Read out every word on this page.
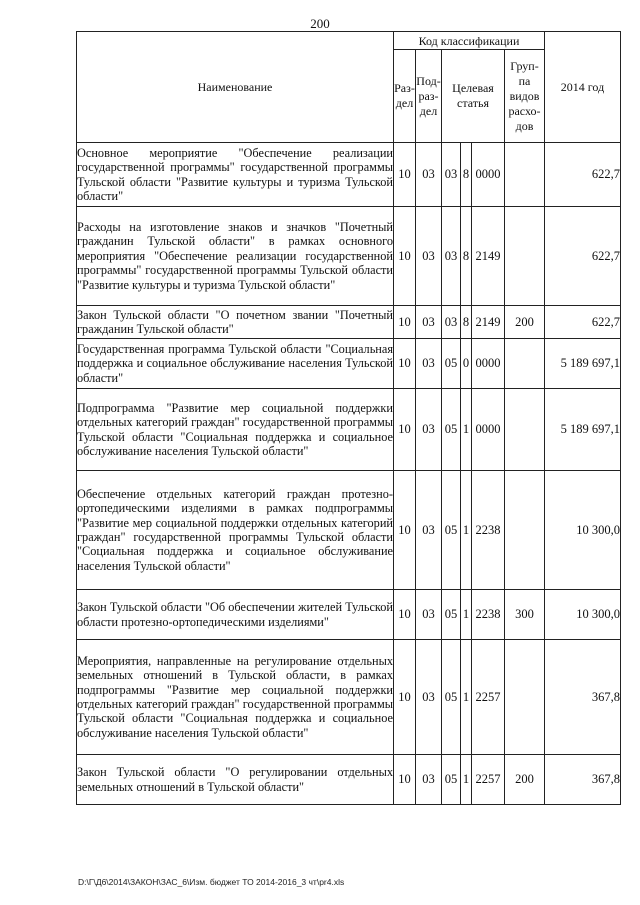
200
Наименование	Код классификации						2014 год
	Раз-дел	Под-раз-дел	Целевая статья			Груп-па видов расхо-дов	
Основное мероприятие "Обеспечение реализации государственной программы" государственной программы Тульской области "Развитие культуры и туризма Тульской области"	10	03	03	8	0000		622,7
Расходы на изготовление знаков и значков "Почетный гражданин Тульской области" в рамках основного мероприятия "Обеспечение реализации государственной программы" государственной программы Тульской области "Развитие культуры и туризма Тульской области"	10	03	03	8	2149		622,7
Закон Тульской области "О почетном звании "Почетный гражданин Тульской области"	10	03	03	8	2149	200	622,7
Государственная программа Тульской области "Социальная поддержка и социальное обслуживание населения Тульской области"	10	03	05	0	0000		5 189 697,1
Подпрограмма "Развитие мер социальной поддержки отдельных категорий граждан" государственной программы Тульской области "Социальная поддержка и социальное обслуживание населения Тульской области"	10	03	05	1	0000		5 189 697,1
Обеспечение отдельных категорий граждан протезно-ортопедическими изделиями в рамках подпрограммы "Развитие мер социальной поддержки отдельных категорий граждан" государственной программы Тульской области "Социальная поддержка и социальное обслуживание населения Тульской области"	10	03	05	1	2238		10 300,0
Закон Тульской области "Об обеспечении жителей Тульской области протезно-ортопедическими изделиями"	10	03	05	1	2238	300	10 300,0
Мероприятия, направленные на регулирование отдельных земельных отношений в Тульской области, в рамках подпрограммы "Развитие мер социальной поддержки отдельных категорий граждан" государственной программы Тульской области "Социальная поддержка и социальное обслуживание населения Тульской области"	10	03	05	1	2257		367,8
Закон Тульской области "О регулировании отдельных земельных отношений в Тульской области"	10	03	05	1	2257	200	367,8
D:\Г\Д6\2014\ЗАКОН\ЗАС_6\Изм. бюджет ТО 2014-2016_3 чт\pr4.xls
